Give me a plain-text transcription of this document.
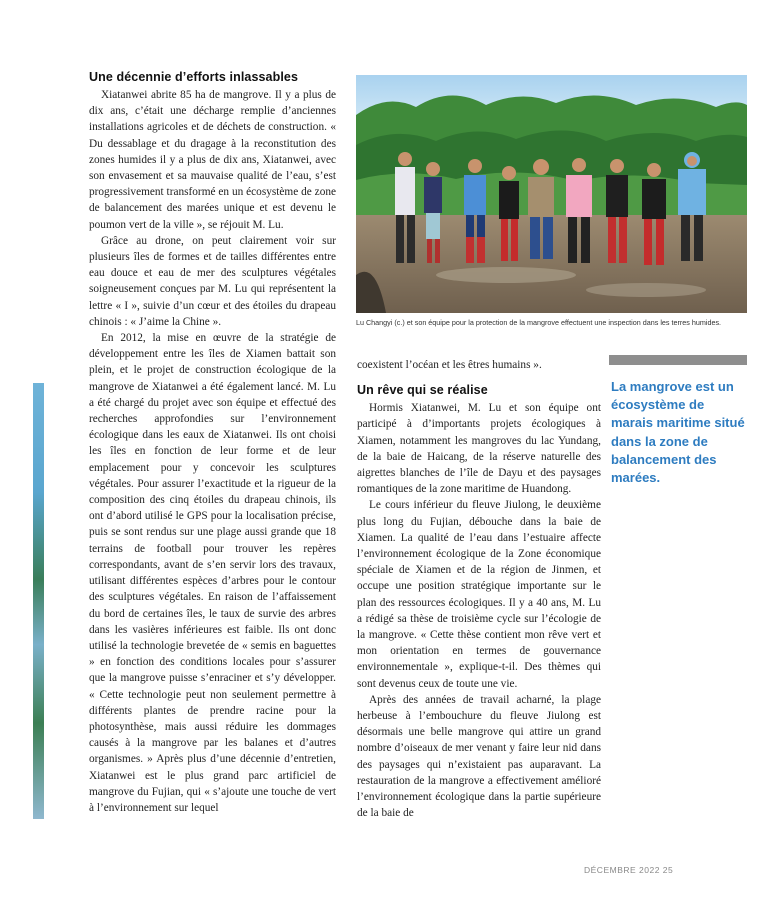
Une décennie d’efforts inlassables

Xiatanwei abrite 85 ha de mangrove. Il y a plus de dix ans, c’était une décharge remplie d’anciennes installations agricoles et de déchets de construction. « Du dessablage et du dragage à la reconstitution des zones humides il y a plus de dix ans, Xiatanwei, avec son envasement et sa mauvaise qualité de l’eau, s’est progressivement transformé en un écosystème de zone de balancement des marées unique et est devenu le poumon vert de la ville », se réjouit M. Lu.

Grâce au drone, on peut clairement voir sur plusieurs îles de formes et de tailles différentes entre eau douce et eau de mer des sculptures végétales soigneusement conçues par M. Lu qui représentent la lettre « I », suivie d’un cœur et des étoiles du drapeau chinois : « J’aime la Chine ».

En 2012, la mise en œuvre de la stratégie de développement entre les îles de Xiamen battait son plein, et le projet de construction écologique de la mangrove de Xiatanwei a été également lancé. M. Lu a été chargé du projet avec son équipe et effectué des recherches approfondies sur l’environnement écologique dans les eaux de Xiatanwei. Ils ont choisi les îles en fonction de leur forme et de leur emplacement pour y concevoir les sculptures végétales. Pour assurer l’exactitude et la rigueur de la composition des cinq étoiles du drapeau chinois, ils ont d’abord utilisé le GPS pour la localisation précise, puis se sont rendus sur une plage aussi grande que 18 terrains de football pour trouver les repères correspondants, avant de s’en servir lors des travaux, utilisant différentes espèces d’arbres pour le contour des sculptures végétales. En raison de l’affaissement du bord de certaines îles, le taux de survie des arbres dans les vasières inférieures est faible. Ils ont donc utilisé la technologie brevetée de « semis en baguettes » en fonction des conditions locales pour s’assurer que la mangrove puisse s’enraciner et s’y développer. « Cette technologie peut non seulement permettre à différents plantes de prendre racine pour la photosynthèse, mais aussi réduire les dommages causés à la mangrove par les balanes et d’autres organismes. » Après plus d’une décennie d’entretien, Xiatanwei est le plus grand parc artificiel de mangrove du Fujian, qui « s’ajoute une touche de vert à l’environnement sur lequel

Lu Changyi (c.) et son équipe pour la protection de la mangrove effectuent une inspection dans les terres humides.

coexistent l’océan et les êtres humains ».

Un rêve qui se réalise

Hormis Xiatanwei, M. Lu et son équipe ont participé à d’importants projets écologiques à Xiamen, notamment les mangroves du lac Yundang, de la baie de Haicang, de la réserve naturelle des aigrettes blanches de l’île de Dayu et des paysages romantiques de la zone maritime de Huandong.

Le cours inférieur du fleuve Jiulong, le deuxième plus long du Fujian, débouche dans la baie de Xiamen. La qualité de l’eau dans l’estuaire affecte l’environnement écologique de la Zone économique spéciale de Xiamen et de la région de Jinmen, et occupe une position stratégique importante sur le plan des ressources écologiques. Il y a 40 ans, M. Lu a rédigé sa thèse de troisième cycle sur l’écologie de la mangrove. « Cette thèse contient mon rêve vert et mon orientation en termes de gouvernance environnementale », explique-t-il. Des thèmes qui sont devenus ceux de toute une vie.

Après des années de travail acharné, la plage herbeuse à l’embouchure du fleuve Jiulong est désormais une belle mangrove qui attire un grand nombre d’oiseaux de mer venant y faire leur nid dans des paysages qui n’existaient pas auparavant. La restauration de la mangrove a effectivement amélioré l’environnement écologique dans la partie supérieure de la baie de

La mangrove est un écosystème de marais maritime situé dans la zone de balancement des marées.
DÉCEMBRE 2022 25
